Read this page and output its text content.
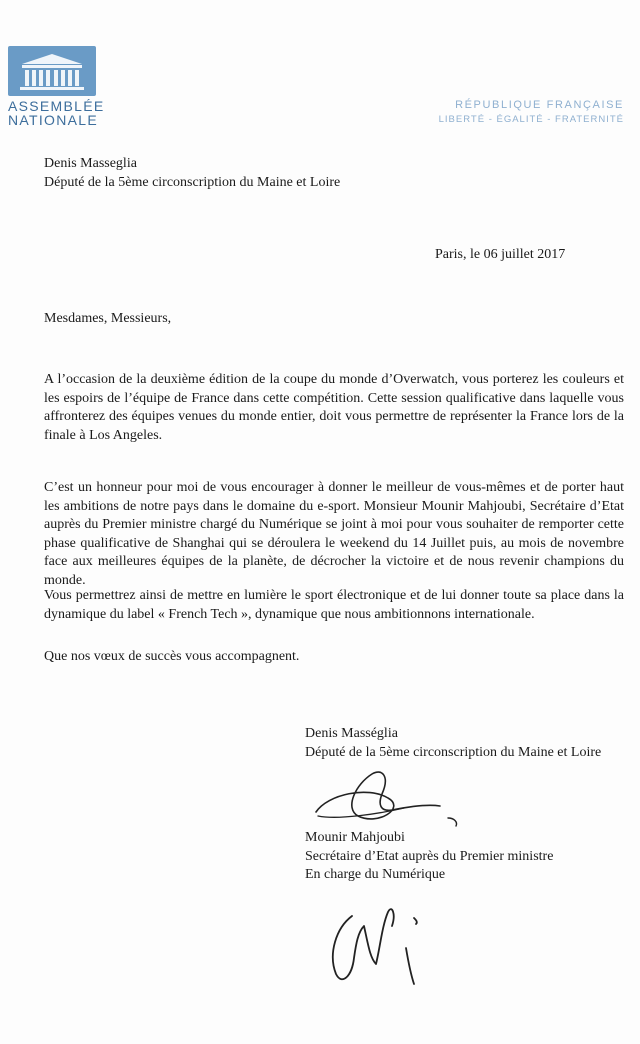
ASSEMBLÉE
NATIONALE
RÉPUBLIQUE FRANÇAISE
LIBERTÉ - ÉGALITÉ - FRATERNITÉ
Denis Masseglia
Député de la 5ème circonscription du Maine et Loire
Paris, le 06 juillet 2017
Mesdames, Messieurs,
A l’occasion de la deuxième édition de la coupe du monde d’Overwatch, vous porterez les couleurs et les espoirs de l’équipe de France dans cette compétition. Cette session qualificative dans laquelle vous affronterez des équipes venues du monde entier, doit vous permettre de représenter la France lors de la finale à Los Angeles.
C’est un honneur pour moi de vous encourager à donner le meilleur de vous-mêmes et de porter haut les ambitions de notre pays dans le domaine du e-sport. Monsieur Mounir Mahjoubi, Secrétaire d’Etat auprès du Premier ministre chargé du Numérique se joint à moi pour vous souhaiter de remporter cette phase qualificative de Shanghai qui se déroulera le weekend du 14 Juillet puis, au mois de novembre face aux meilleures équipes de la planète, de décrocher la victoire et de nous revenir champions du monde.
Vous permettrez ainsi de mettre en lumière le sport électronique et de lui donner toute sa place dans la dynamique du label « French Tech », dynamique que nous ambitionnons internationale.
Que nos vœux de succès vous accompagnent.
Denis Masséglia
Député de la 5ème circonscription du Maine et Loire
Mounir Mahjoubi
Secrétaire d’Etat auprès du Premier ministre
En charge du Numérique
